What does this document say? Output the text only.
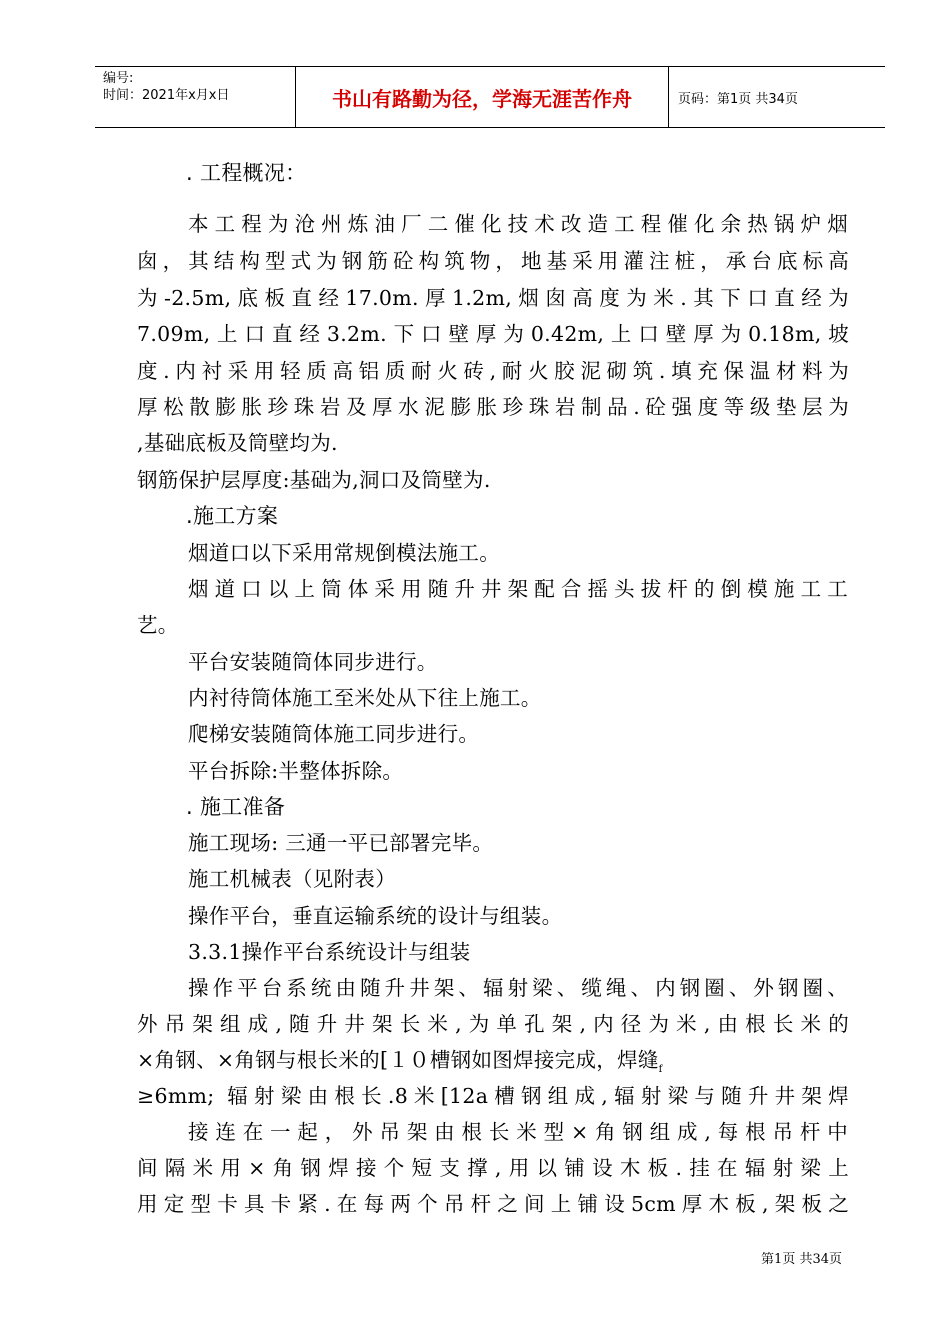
编号:
时间：2021年x月x日	书山有路勤为径，学海无涯苦作舟	页码：第1页 共34页
. 工程概况：
本工程为沧州炼油厂二催化技术改造工程催化余热锅炉烟
囱，其结构型式为钢筋砼构筑物，地基采用灌注桩，承台底标高
为-2.5m,底板直经17.0m.厚1.2m,烟囱高度为米.其下口直经为
7.09m,上口直经3.2m.下口壁厚为0.42m,上口壁厚为0.18m,坡
度.内衬采用轻质高铝质耐火砖,耐火胶泥砌筑.填充保温材料为
厚松散膨胀珍珠岩及厚水泥膨胀珍珠岩制品.砼强度等级垫层为
,基础底板及筒壁均为.
钢筋保护层厚度:基础为,洞口及筒壁为.
.施工方案
烟道口以下采用常规倒模法施工。
烟道口以上筒体采用随升井架配合摇头拔杆的倒模施工工
艺。
平台安装随筒体同步进行。
内衬待筒体施工至米处从下往上施工。
爬梯安装随筒体施工同步进行。
平台拆除:半整体拆除。
. 施工准备
施工现场: 三通一平已部署完毕。
施工机械表（见附表）
操作平台，垂直运输系统的设计与组装。
3.3.1操作平台系统设计与组装
操作平台系统由随升井架、辐射梁、缆绳、内钢圈、外钢圈、
外吊架组成,随升井架长米,为单孔架,内径为米,由根长米的
×角钢、×角钢与根长米的[１０槽钢如图焊接完成，焊缝$_f$
≥6mm; 辐射梁由根长.8米[12a槽钢组成,辐射梁与随升井架焊
接连在一起，外吊架由根长米型×角钢组成,每根吊杆中
间隔米用×角钢焊接个短支撑,用以铺设木板.挂在辐射梁上
用定型卡具卡紧.在每两个吊杆之间上铺设5cm厚木板,架板之
第1页 共34页
